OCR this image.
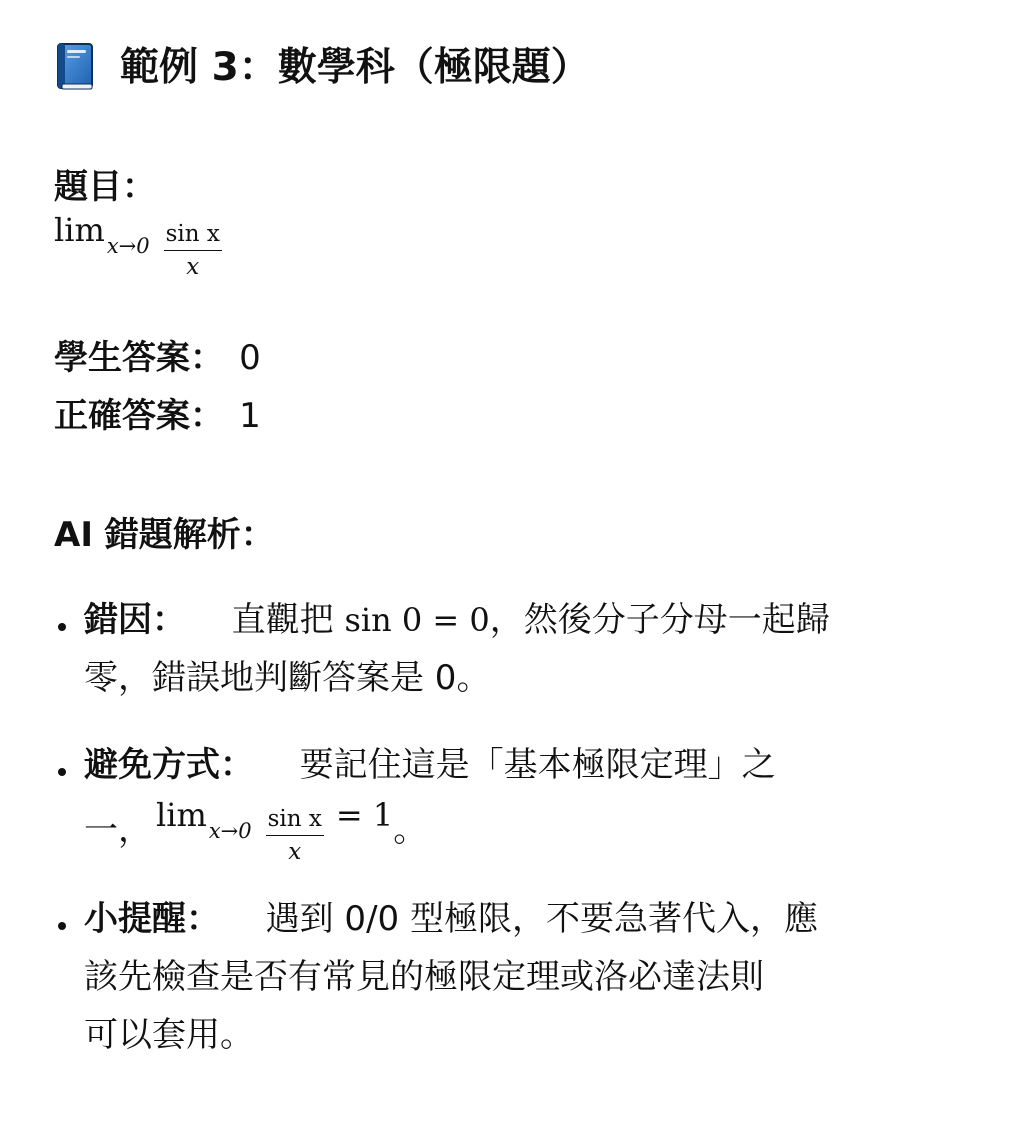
範例 3：數學科（極限題）
題目：
$\lim x\to 0 \frac{\text{sin x}}{x}$
學生答案： 0
正確答案： 1
AI 錯題解析：
錯因： 直觀把 sin 0 = 0，然後分子分母一起歸
零，錯誤地判斷答案是 0。
避免方式： 要記住這是「基本極限定理」之
一， $\lim x\to 0 \frac{\text{sin x}}{x} = 1$ 。
小提醒： 遇到 0/0 型極限，不要急著代入，應
該先檢查是否有常見的極限定理或洛必達法則
可以套用。
